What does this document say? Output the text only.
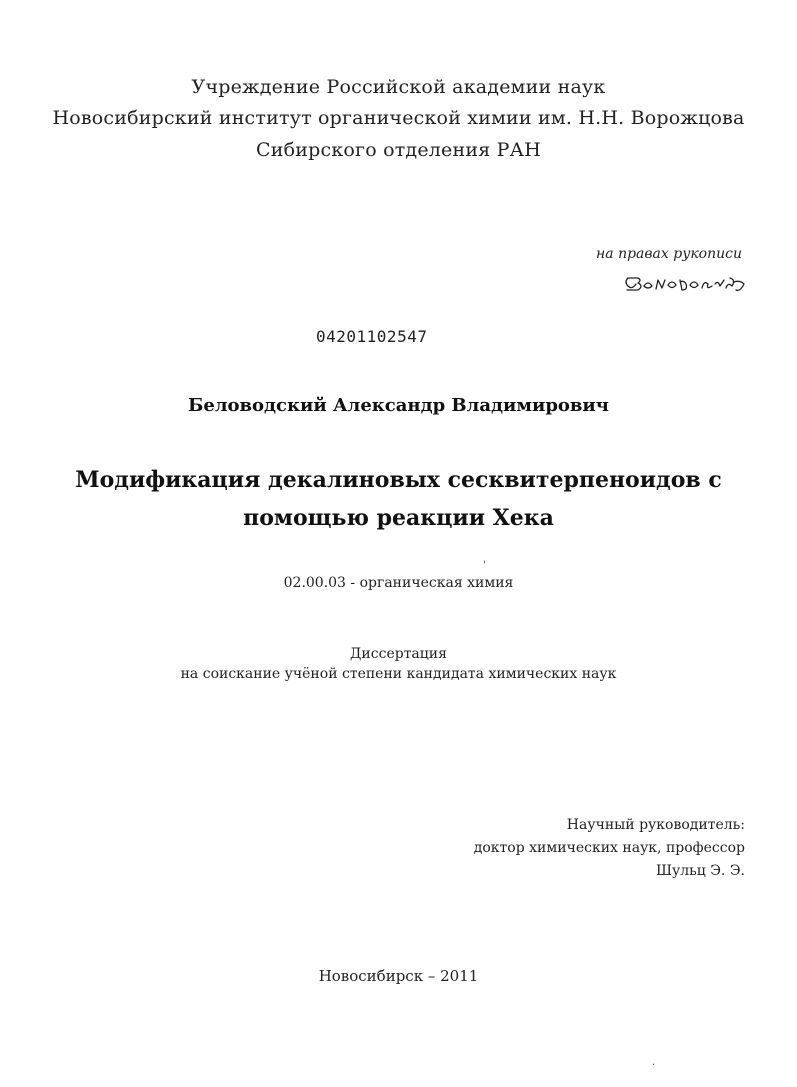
Учреждение Российской академии наук
Новосибирский институт органической химии им. Н.Н. Ворожцова
Сибирского отделения РАН
на правах рукописи
04201102547
Беловодский Александр Владимирович
Модификация декалиновых сесквитерпеноидов с
помощью реакции Хека
'
02.00.03 - органическая химия
Диссертация
на соискание учёной степени кандидата химических наук
Научный руководитель:
доктор химических наук, профессор
Шульц Э. Э.
Новосибирск – 2011
·
